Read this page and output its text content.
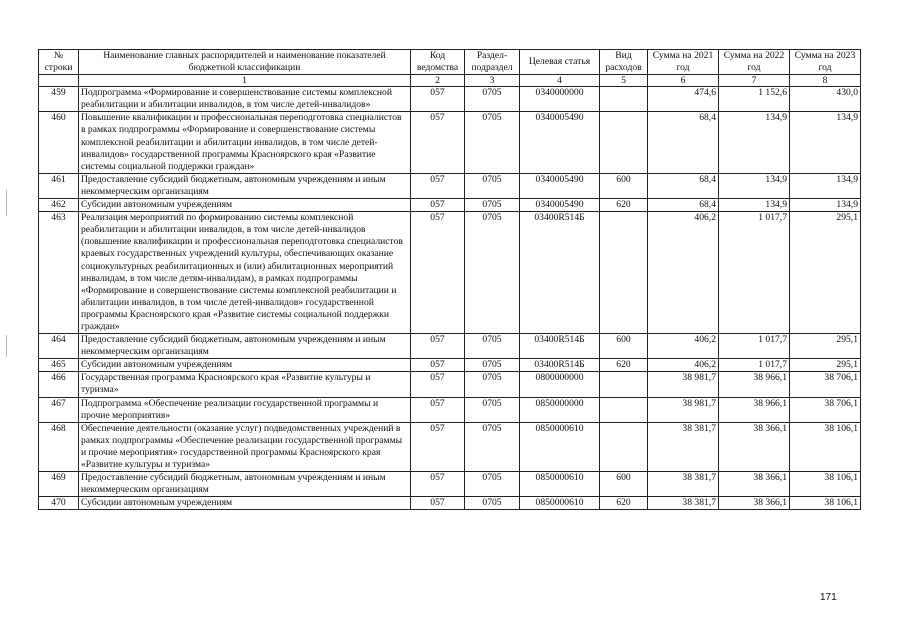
№ строки	Наименование главных распорядителей и наименование показателей бюджетной классификации	Код ведомства	Раздел-подраздел	Целевая статья	Вид расходов	Сумма на 2021 год	Сумма на 2022 год	Сумма на 2023 год
	1	2	3	4	5	6	7	8
459	Подпрограмма «Формирование и совершенствование системы комплексной реабилитации и абилитации инвалидов, в том числе детей-инвалидов»	057	0705	0340000000		474,6	1 152,6	430,0
460	Повышение квалификации и профессиональная переподготовка специалистов в рамках подпрограммы «Формирование и совершенствование системы комплексной реабилитации и абилитации инвалидов, в том числе детей-инвалидов» государственной программы Красноярского края «Развитие системы социальной поддержки граждан»	057	0705	0340005490		68,4	134,9	134,9
461	Предоставление субсидий бюджетным, автономным учреждениям и иным некоммерческим организациям	057	0705	0340005490	600	68,4	134,9	134,9
462	Субсидии автономным учреждениям	057	0705	0340005490	620	68,4	134,9	134,9
463	Реализация мероприятий по формированию системы комплексной реабилитации и абилитации инвалидов, в том числе детей-инвалидов (повышение квалификации и профессиональная переподготовка специалистов краевых государственных учреждений культуры, обеспечивающих оказание социокультурных реабилитационных и (или) абилитационных мероприятий инвалидам, в том числе детям-инвалидам), в рамках подпрограммы «Формирование и совершенствование системы комплексной реабилитации и абилитации инвалидов, в том числе детей-инвалидов» государственной программы Красноярского края «Развитие системы социальной поддержки граждан»	057	0705	03400R514Б		406,2	1 017,7	295,1
464	Предоставление субсидий бюджетным, автономным учреждениям и иным некоммерческим организациям	057	0705	03400R514Б	600	406,2	1 017,7	295,1
465	Субсидии автономным учреждениям	057	0705	03400R514Б	620	406,2	1 017,7	295,1
466	Государственная программа Красноярского края «Развитие культуры и туризма»	057	0705	0800000000		38 981,7	38 966,1	38 706,1
467	Подпрограмма «Обеспечение реализации государственной программы и прочие мероприятия»	057	0705	0850000000		38 981,7	38 966,1	38 706,1
468	Обеспечение деятельности (оказание услуг) подведомственных учреждений в рамках подпрограммы «Обеспечение реализации государственной программы и прочие мероприятия» государственной программы Красноярского края «Развитие культуры и туризма»	057	0705	0850000610		38 381,7	38 366,1	38 106,1
469	Предоставление субсидий бюджетным, автономным учреждениям и иным некоммерческим организациям	057	0705	0850000610	600	38 381,7	38 366,1	38 106,1
470	Субсидии автономным учреждениям	057	0705	0850000610	620	38 381,7	38 366,1	38 106,1
171
